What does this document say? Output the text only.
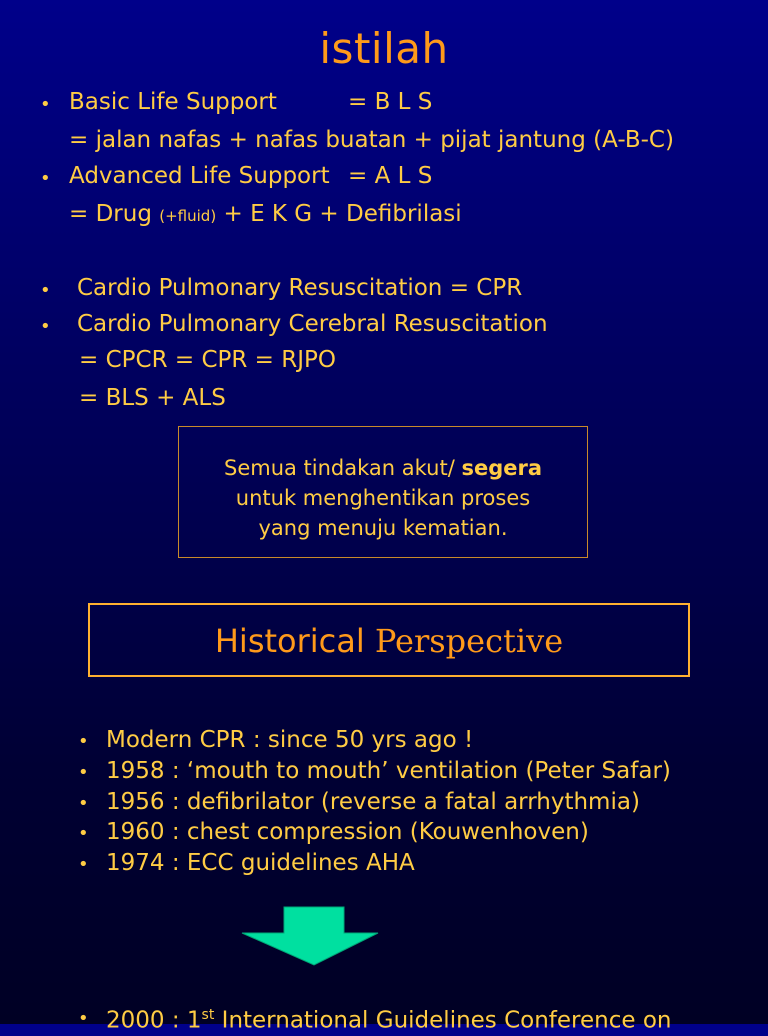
istilah
• Basic Life Support	= B L S
= jalan nafas + nafas buatan + pijat jantung (A-B-C)
• Advanced Life Support = A L S
= Drug (+fluid) + E K G + Defibrilasi
• Cardio Pulmonary Resuscitation = CPR
• Cardio Pulmonary Cerebral Resuscitation
= CPCR = CPR = RJPO
= BLS + ALS
Semua tindakan akut/ segera
untuk menghentikan proses
yang menuju kematian.
Historical Perspective
• Modern CPR : since 50 yrs ago !
• 1958 : ‘mouth to mouth’ ventilation (Peter Safar)
• 1956 : defibrilator (reverse a fatal arrhythmia)
• 1960 : chest compression (Kouwenhoven)
• 1974 : ECC guidelines AHA
• 2000 : 1st International Guidelines Conference on
